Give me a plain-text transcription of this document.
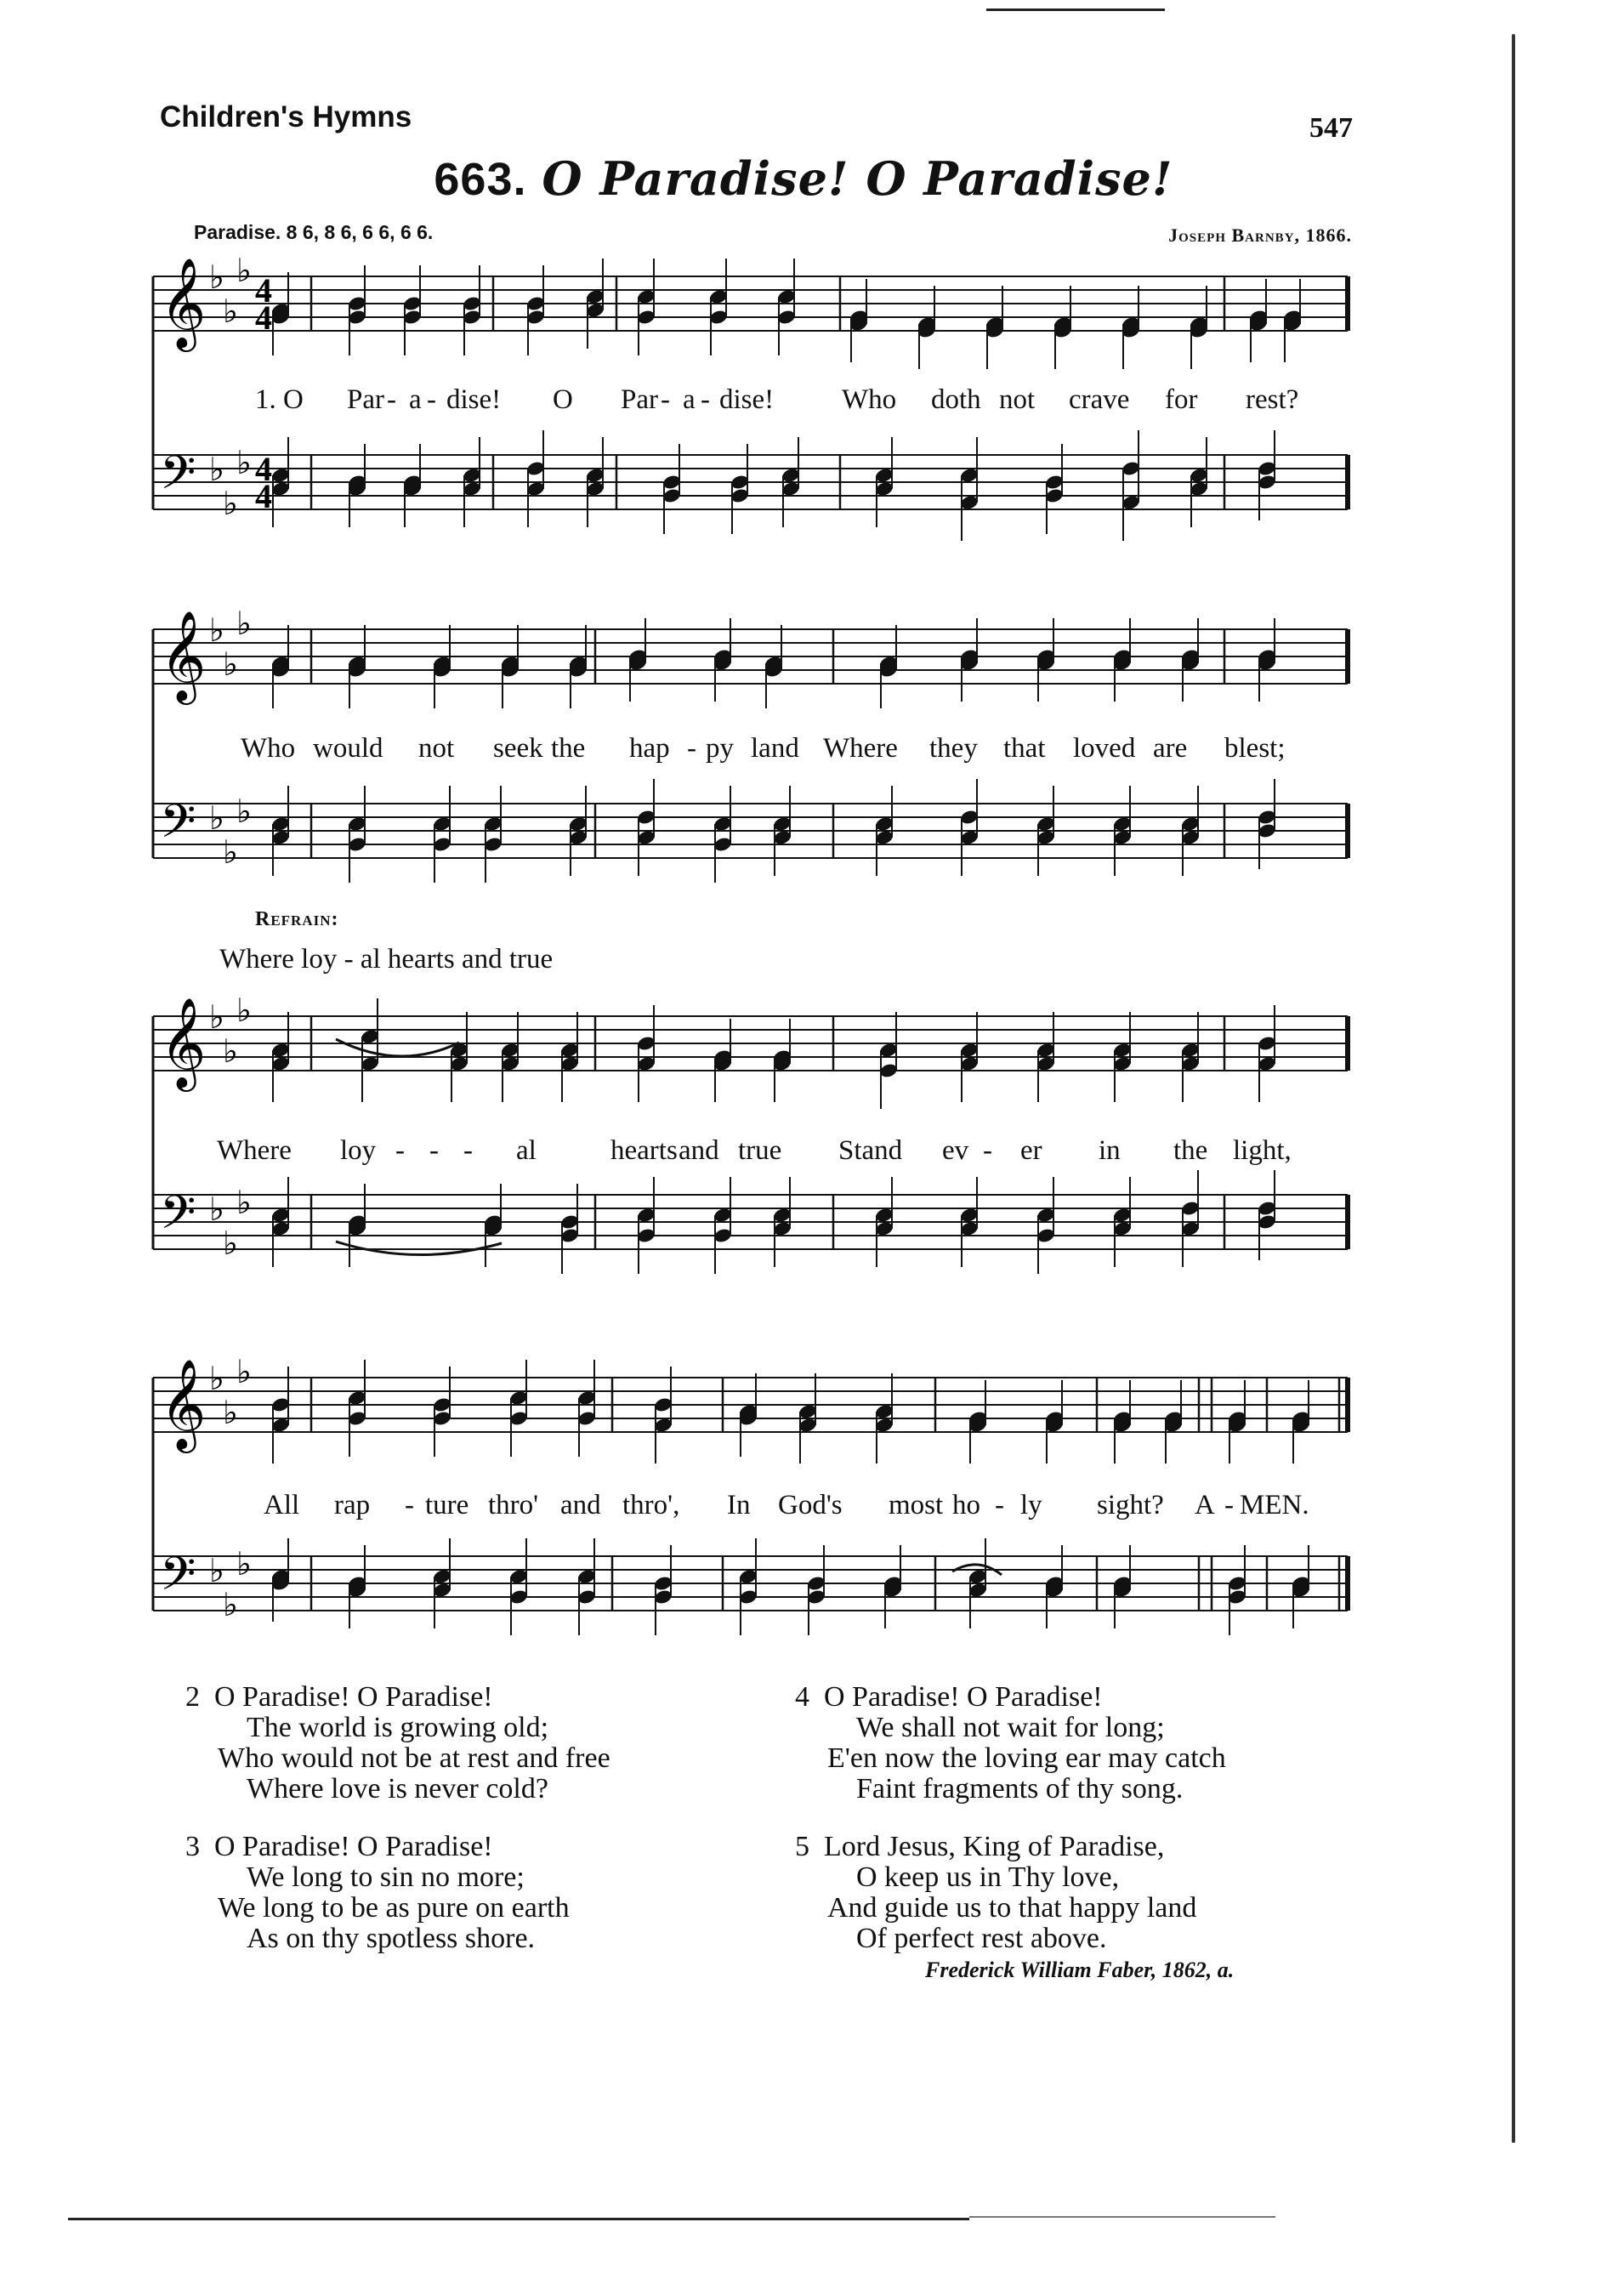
Children's Hymns	547
663. O Paradise! O Paradise!
Paradise. 8 6, 8 6, 6 6, 6 6.	Joseph Barnby, 1866.
𝄞
𝄢
♭
♭
♭
♭
♭
♭
4
4
4
4
𝄞
𝄢
♭
♭
♭
♭
♭
♭
𝄞
𝄢
♭
♭
♭
♭
♭
♭
𝄞
𝄢
♭
♭
♭
♭
♭
♭
1. O Par - a - dise! O Par - a - dise! Who doth not crave for rest?
Who would not seek the hap - py land Where they that loved are blest;
Refrain:
Where loy - al hearts and true
Where loy - - - al	hearts and true Stand ev - er in the light,
All rap - ture thro' and thro', In God's most ho - ly sight? A - MEN.
2 O Paradise! O Paradise!
The world is growing old;
Who would not be at rest and free
Where love is never cold?
3 O Paradise! O Paradise!
We long to sin no more;
We long to be as pure on earth
As on thy spotless shore.
4 O Paradise! O Paradise!
We shall not wait for long;
E'en now the loving ear may catch
Faint fragments of thy song.
5 Lord Jesus, King of Paradise,
O keep us in Thy love,
And guide us to that happy land
Of perfect rest above.
Frederick William Faber, 1862, a.
